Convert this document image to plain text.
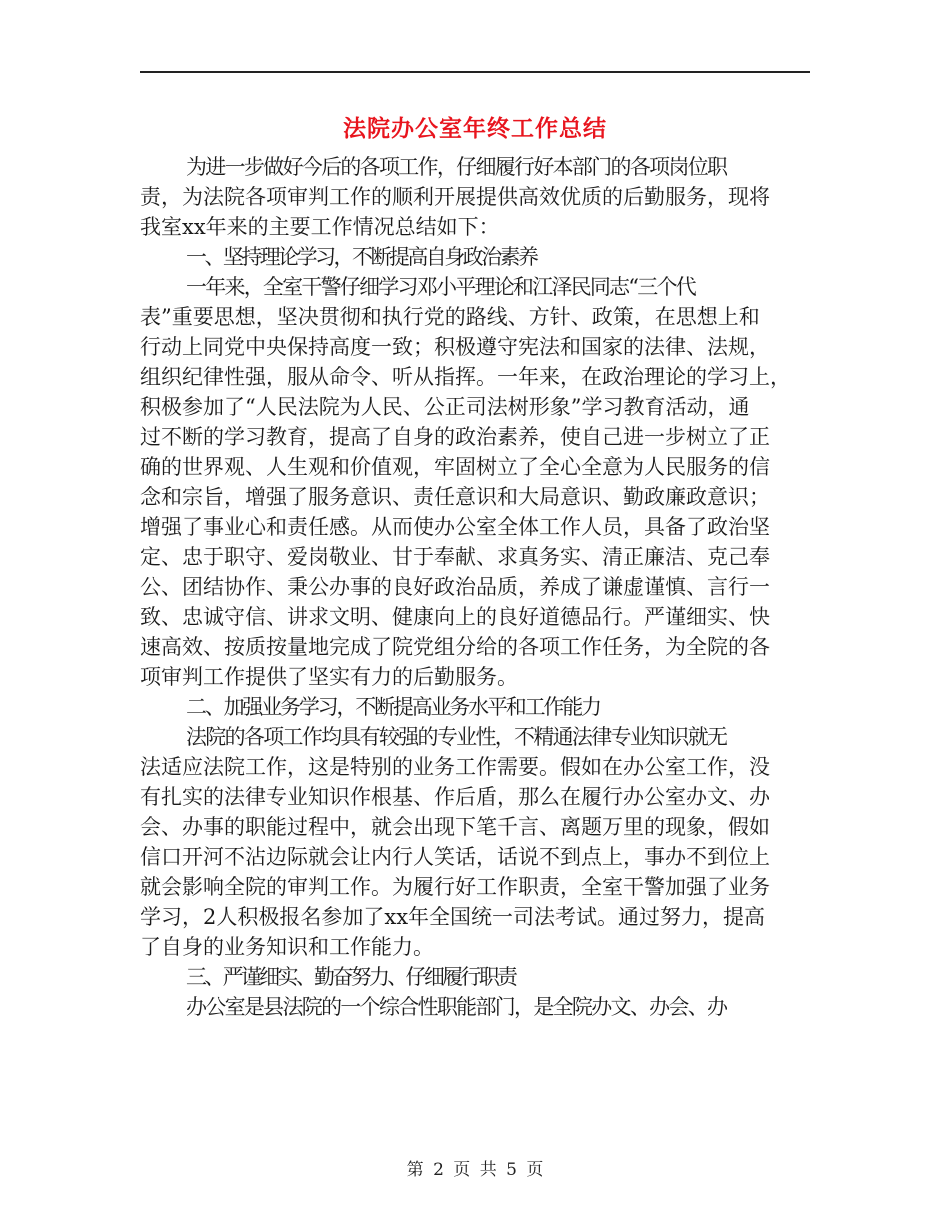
法院办公室年终工作总结
为进一步做好今后的各项工作，仔细履行好本部门的各项岗位职
责，为法院各项审判工作的顺利开展提供高效优质的后勤服务，现将
我室xx年来的主要工作情况总结如下：
一、坚持理论学习，不断提高自身政治素养
一年来，全室干警仔细学习邓小平理论和江泽民同志“三个代
表”重要思想，坚决贯彻和执行党的路线、方针、政策，在思想上和
行动上同党中央保持高度一致；积极遵守宪法和国家的法律、法规，
组织纪律性强，服从命令、听从指挥。一年来，在政治理论的学习上，
积极参加了“人民法院为人民、公正司法树形象”学习教育活动，通
过不断的学习教育，提高了自身的政治素养，使自己进一步树立了正
确的世界观、人生观和价值观，牢固树立了全心全意为人民服务的信
念和宗旨，增强了服务意识、责任意识和大局意识、勤政廉政意识；
增强了事业心和责任感。从而使办公室全体工作人员，具备了政治坚
定、忠于职守、爱岗敬业、甘于奉献、求真务实、清正廉洁、克己奉
公、团结协作、秉公办事的良好政治品质，养成了谦虚谨慎、言行一
致、忠诚守信、讲求文明、健康向上的良好道德品行。严谨细实、快
速高效、按质按量地完成了院党组分给的各项工作任务，为全院的各
项审判工作提供了坚实有力的后勤服务。
二、加强业务学习，不断提高业务水平和工作能力
法院的各项工作均具有较强的专业性，不精通法律专业知识就无
法适应法院工作，这是特别的业务工作需要。假如在办公室工作，没
有扎实的法律专业知识作根基、作后盾，那么在履行办公室办文、办
会、办事的职能过程中，就会出现下笔千言、离题万里的现象，假如
信口开河不沾边际就会让内行人笑话，话说不到点上，事办不到位上
就会影响全院的审判工作。为履行好工作职责，全室干警加强了业务
学习，2人积极报名参加了xx年全国统一司法考试。通过努力，提高
了自身的业务知识和工作能力。
三、严谨细实、勤奋努力、仔细履行职责
办公室是县法院的一个综合性职能部门，是全院办文、办会、办
第 2 页 共 5 页
